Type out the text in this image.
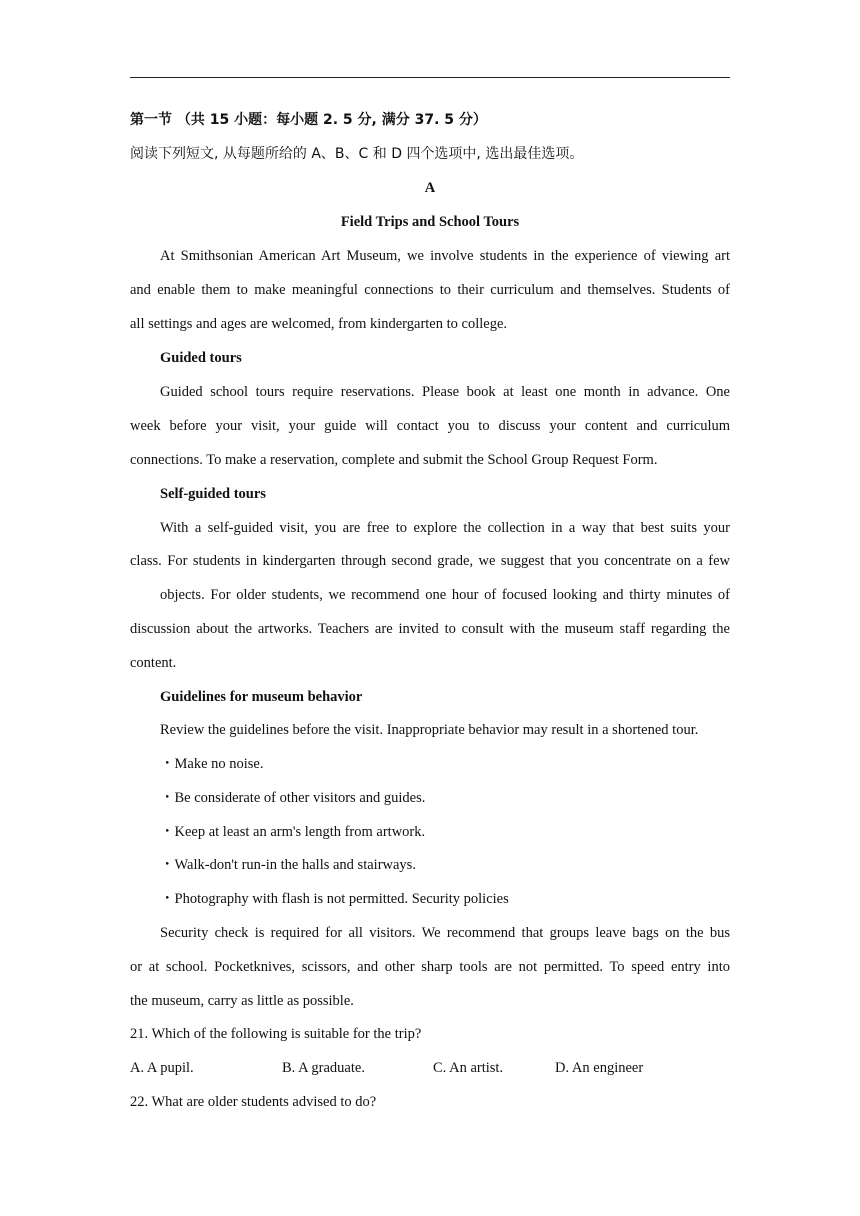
第一节 （共 15 小题：每小题 2. 5 分, 满分 37. 5 分）
阅读下列短文, 从每题所给的 A、B、C 和 D 四个选项中, 选出最佳选项。
A
Field Trips and School Tours
At Smithsonian American Art Museum, we involve students in the experience of viewing art
and enable them to make meaningful connections to their curriculum and themselves. Students of
all settings and ages are welcomed, from kindergarten to college.
Guided tours
Guided school tours require reservations. Please book at least one month in advance. One
week before your visit, your guide will contact you to discuss your content and curriculum
connections. To make a reservation, complete and submit the School Group Request Form.
Self-guided tours
With a self-guided visit, you are free to explore the collection in a way that best suits your
class. For students in kindergarten through second grade, we suggest that you concentrate on a few
objects. For older students, we recommend one hour of focused looking and thirty minutes of
discussion about the artworks. Teachers are invited to consult with the museum staff regarding the
content.
Guidelines for museum behavior
Review the guidelines before the visit. Inappropriate behavior may result in a shortened tour.
・Make no noise.
・Be considerate of other visitors and guides.
・Keep at least an arm's length from artwork.
・Walk-don't run-in the halls and stairways.
・Photography with flash is not permitted. Security policies
Security check is required for all visitors. We recommend that groups leave bags on the bus
or at school. Pocketknives, scissors, and other sharp tools are not permitted. To speed entry into
the museum, carry as little as possible.
21. Which of the following is suitable for the trip?
A. A pupil.	B. A graduate.	C. An artist.	D. An engineer
22. What are older students advised to do?
